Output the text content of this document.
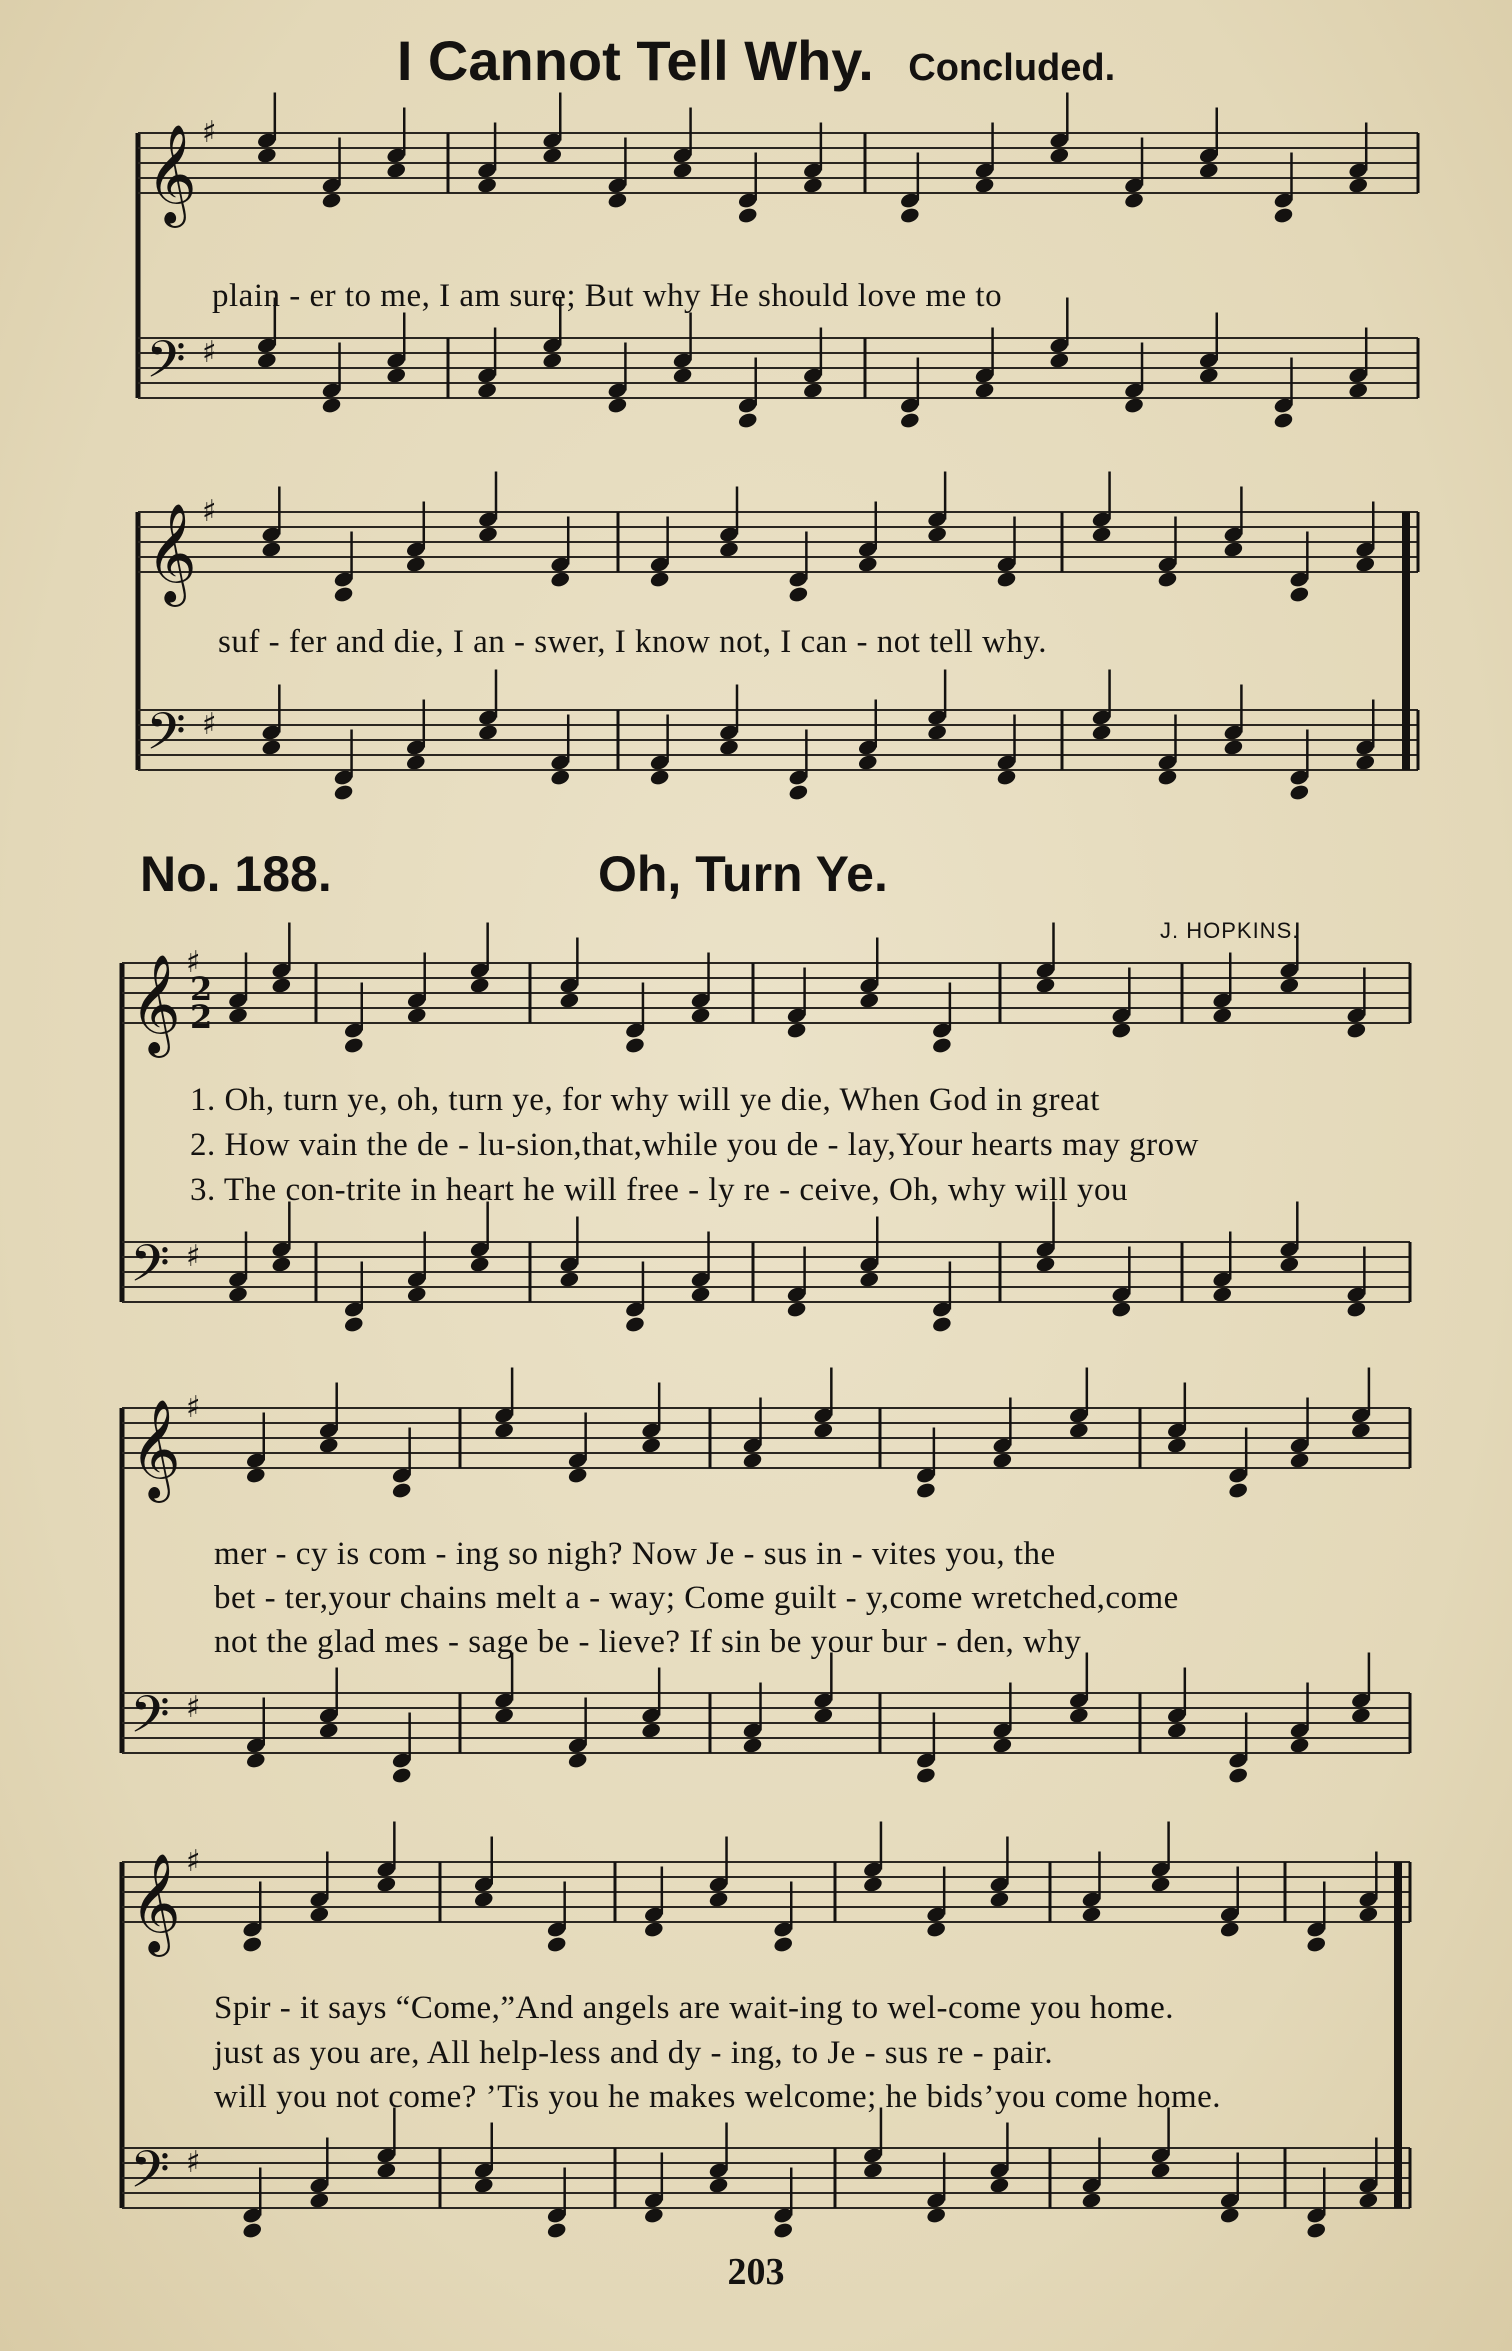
I Cannot Tell Why. Concluded.
𝄞 ♯
𝄢 ♯
𝄞 ♯
𝄢 ♯
𝄞 ♯
𝄢 ♯
𝄞 ♯
𝄢 ♯
𝄞 ♯
𝄢 ♯
2
2
plain - er to me, I am sure; But why He should love me to
suf - fer and die, I an - swer, I know not, I can - not tell why.
No. 188.	Oh, Turn Ye.
J. HOPKINS.
1. Oh, turn ye, oh, turn ye, for why will ye die, When God in great
2. How vain the de - lu-sion,that,while you de - lay,Your hearts may grow
3. The con-trite in heart he will free - ly re - ceive, Oh, why will you
mer - cy is com - ing so nigh? Now Je - sus in - vites you, the
bet - ter,your chains melt a - way; Come guilt - y,come wretched,come
not the glad mes - sage be - lieve? If sin be your bur - den, why
Spir - it says “Come,”And angels are wait-ing to wel-come you home.
just as you are, All help-less and dy - ing, to Je - sus re - pair.
will you not come? ’Tis you he makes welcome; he bids’you come home.
203
